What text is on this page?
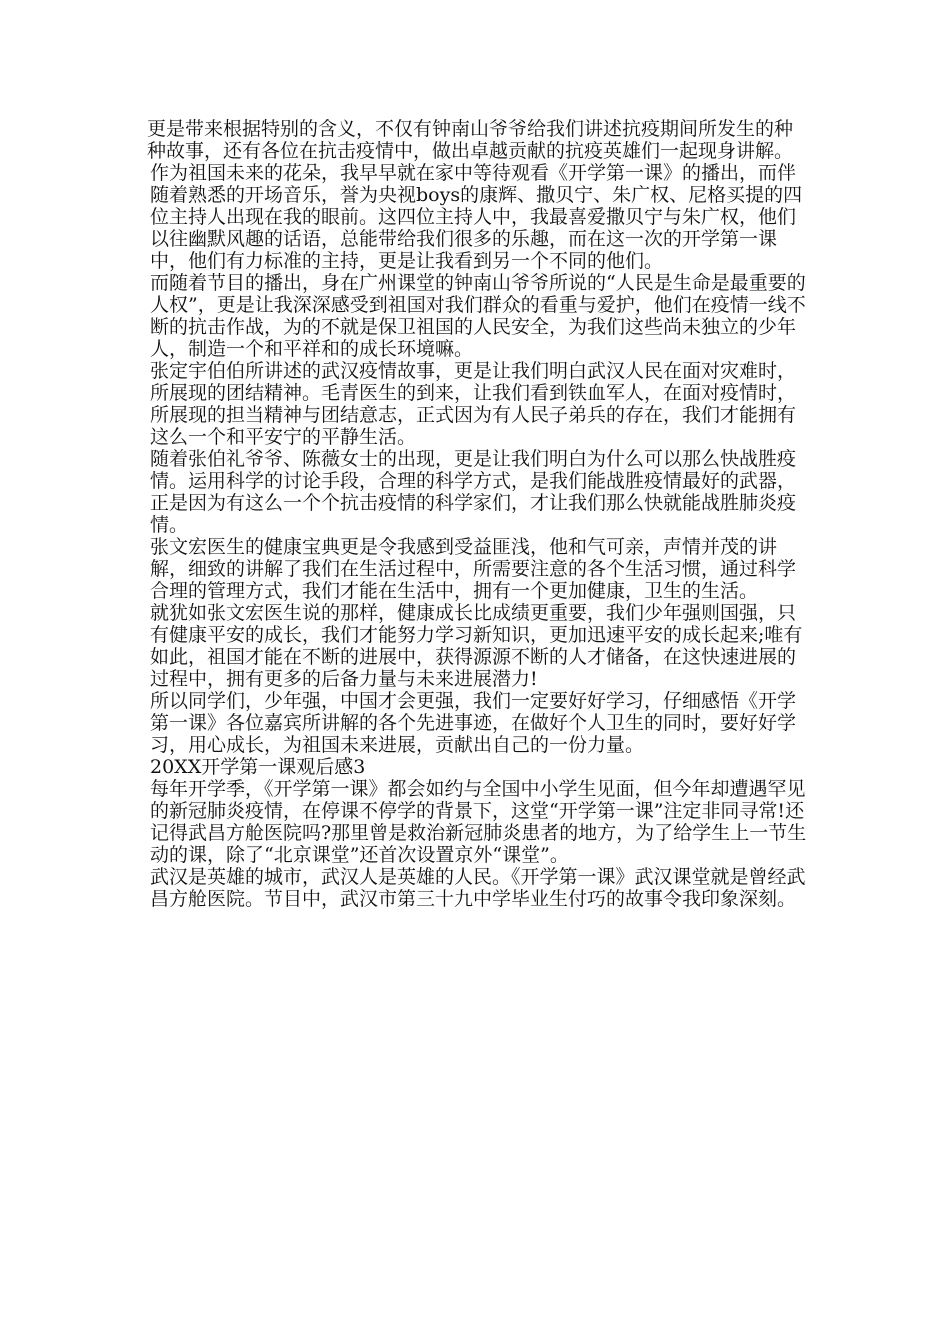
更是带来根据特别的含义，不仅有钟南山爷爷给我们讲述抗疫期间所发生的种种故事，还有各位在抗击疫情中，做出卓越贡献的抗疫英雄们一起现身讲解。

作为祖国未来的花朵，我早早就在家中等待观看《开学第一课》的播出，而伴随着熟悉的开场音乐，誉为央视boys的康辉、撒贝宁、朱广权、尼格买提的四位主持人出现在我的眼前。这四位主持人中，我最喜爱撒贝宁与朱广权，他们以往幽默风趣的话语，总能带给我们很多的乐趣，而在这一次的开学第一课中，他们有力标准的主持，更是让我看到另一个不同的他们。

而随着节目的播出，身在广州课堂的钟南山爷爷所说的“人民是生命是最重要的人权”，更是让我深深感受到祖国对我们群众的看重与爱护，他们在疫情一线不断的抗击作战，为的不就是保卫祖国的人民安全，为我们这些尚未独立的少年人，制造一个和平祥和的成长环境嘛。

张定宇伯伯所讲述的武汉疫情故事，更是让我们明白武汉人民在面对灾难时，所展现的团结精神。毛青医生的到来，让我们看到铁血军人，在面对疫情时，所展现的担当精神与团结意志，正式因为有人民子弟兵的存在，我们才能拥有这么一个和平安宁的平静生活。

随着张伯礼爷爷、陈薇女士的出现，更是让我们明白为什么可以那么快战胜疫情。运用科学的讨论手段，合理的科学方式，是我们能战胜疫情最好的武器，正是因为有这么一个个抗击疫情的科学家们，才让我们那么快就能战胜肺炎疫情。

张文宏医生的健康宝典更是令我感到受益匪浅，他和气可亲，声情并茂的讲解，细致的讲解了我们在生活过程中，所需要注意的各个生活习惯，通过科学合理的管理方式，我们才能在生活中，拥有一个更加健康，卫生的生活。

就犹如张文宏医生说的那样，健康成长比成绩更重要，我们少年强则国强，只有健康平安的成长，我们才能努力学习新知识，更加迅速平安的成长起来;唯有如此，祖国才能在不断的进展中，获得源源不断的人才储备，在这快速进展的过程中，拥有更多的后备力量与未来进展潜力!

所以同学们，少年强，中国才会更强，我们一定要好好学习，仔细感悟《开学第一课》各位嘉宾所讲解的各个先进事迹，在做好个人卫生的同时，要好好学习，用心成长，为祖国未来进展，贡献出自己的一份力量。

20XX开学第一课观后感3

每年开学季，《开学第一课》都会如约与全国中小学生见面，但今年却遭遇罕见的新冠肺炎疫情，在停课不停学的背景下，这堂“开学第一课”注定非同寻常!还记得武昌方舱医院吗?那里曾是救治新冠肺炎患者的地方，为了给学生上一节生动的课，除了“北京课堂”还首次设置京外“课堂”。

武汉是英雄的城市，武汉人是英雄的人民。《开学第一课》武汉课堂就是曾经武昌方舱医院。节目中，武汉市第三十九中学毕业生付巧的故事令我印象深刻。
